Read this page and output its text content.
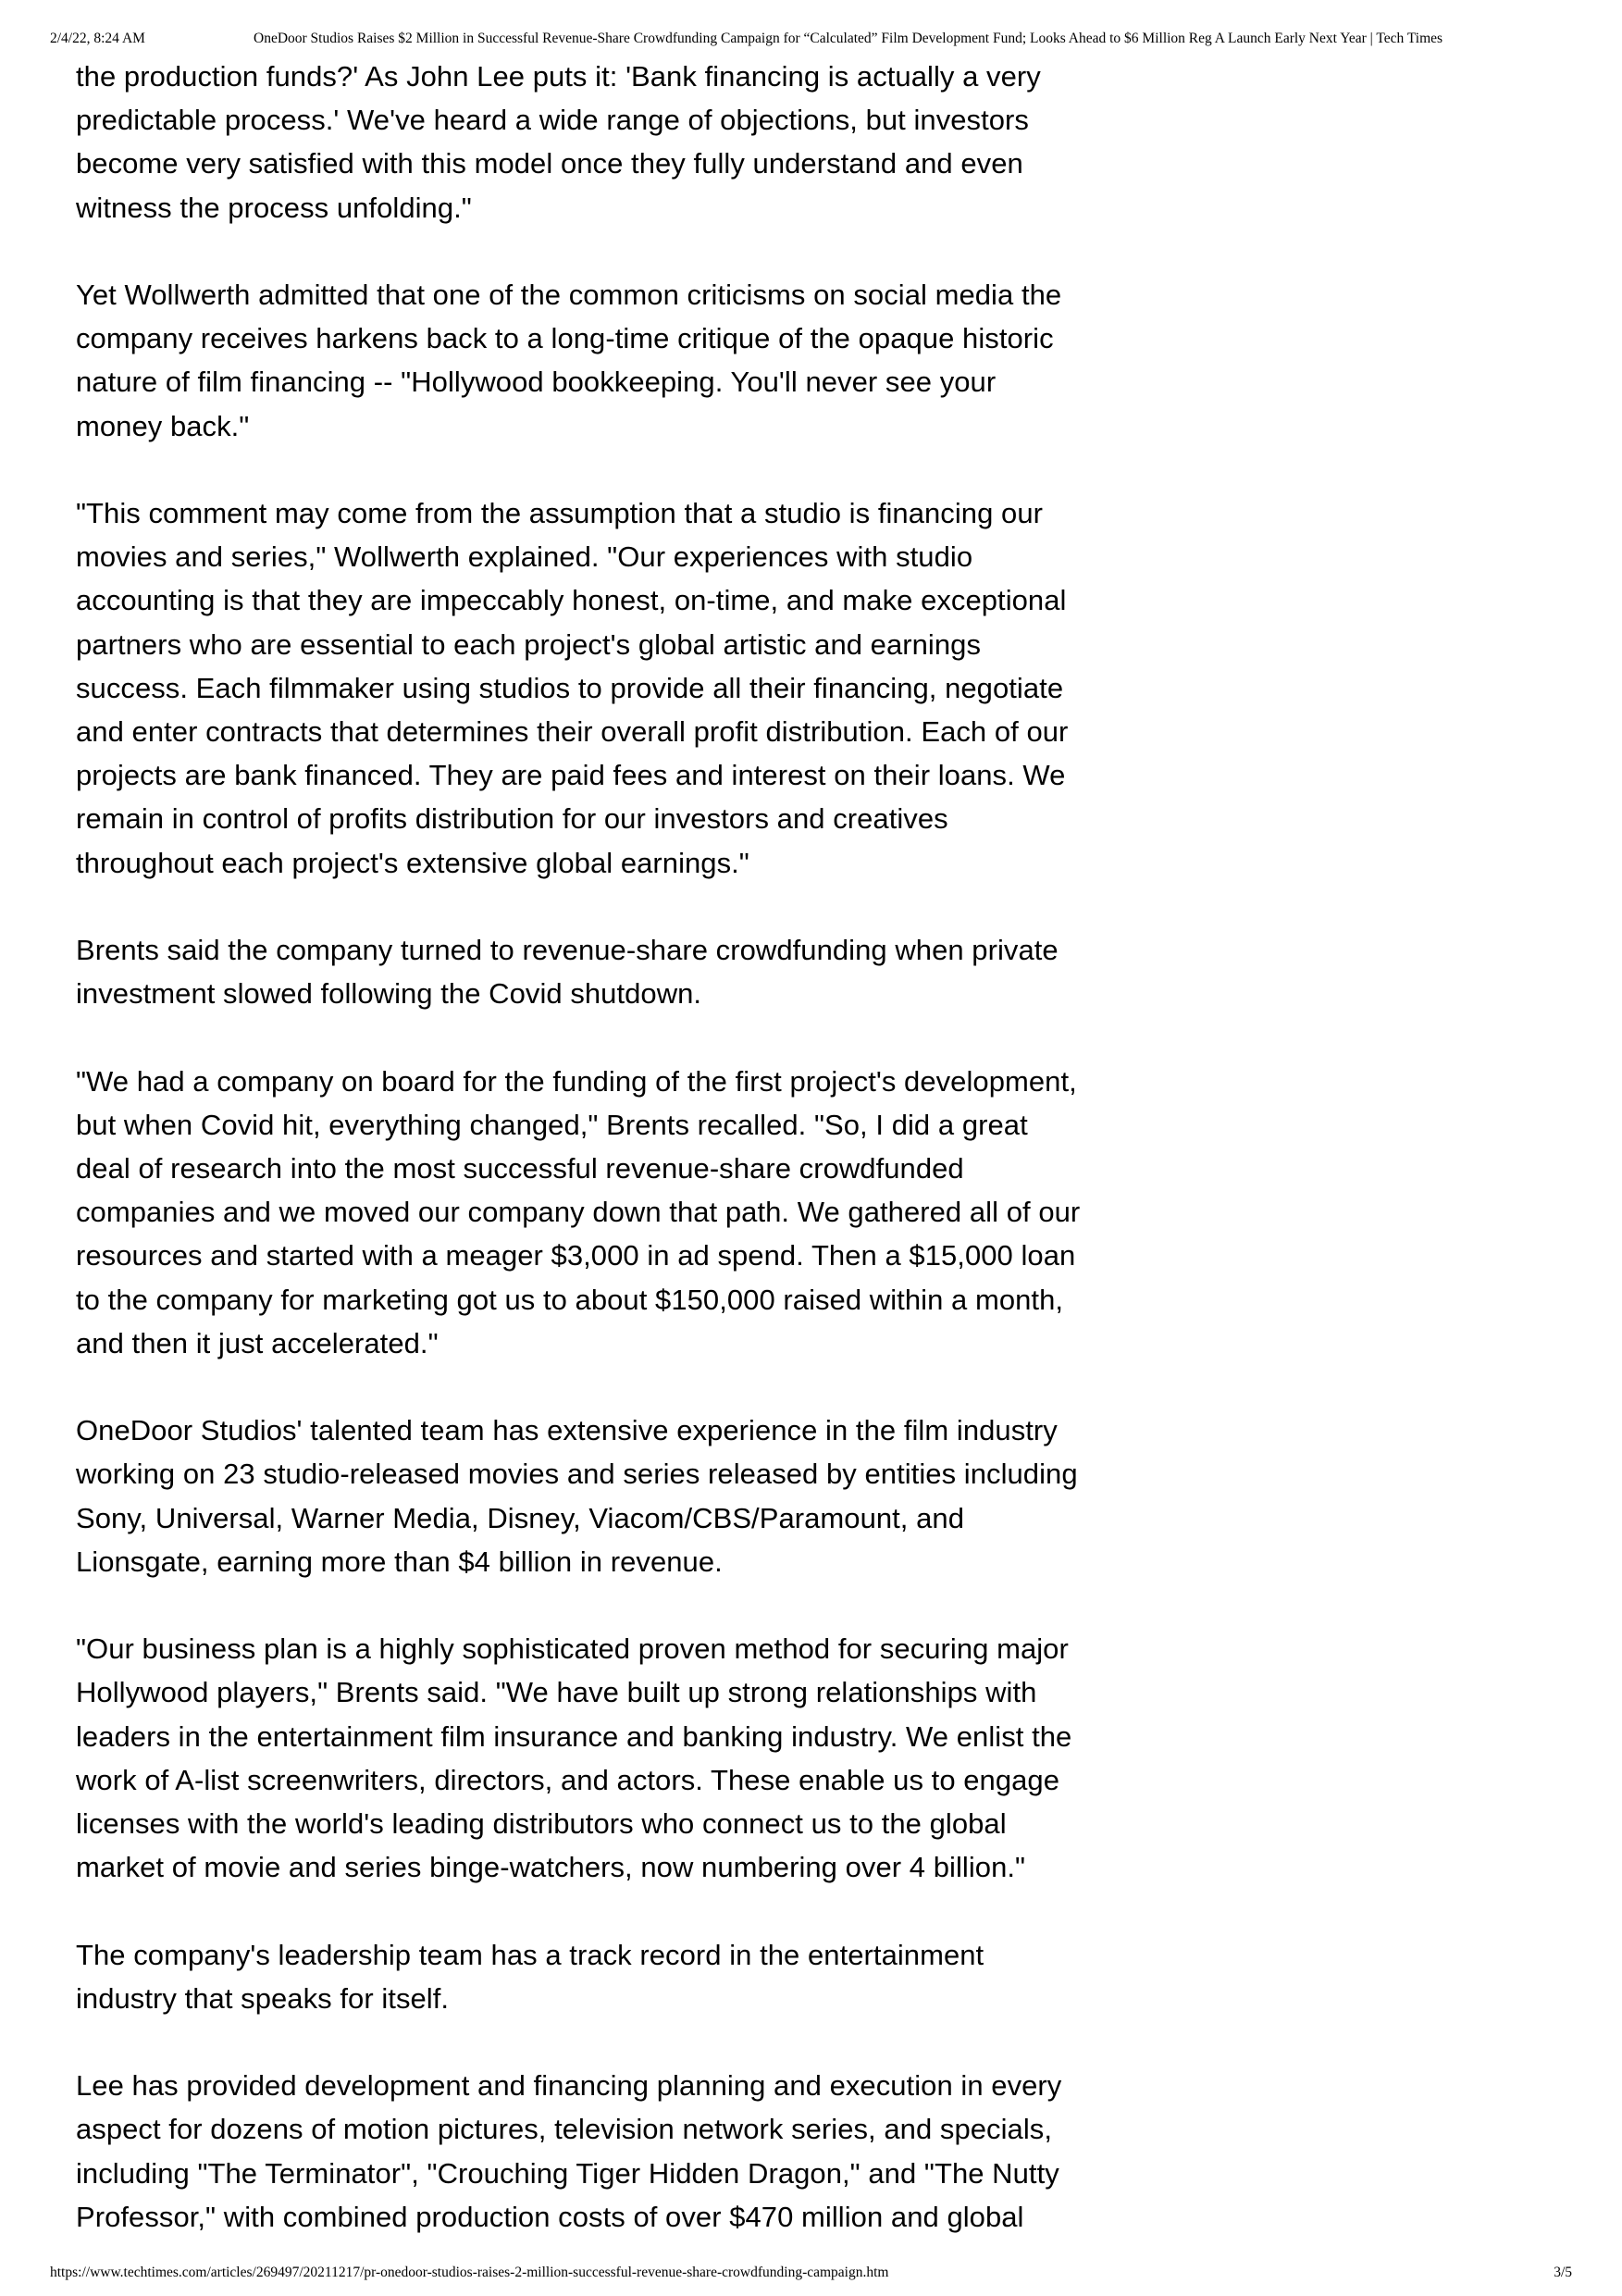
2/4/22, 8:24 AM	OneDoor Studios Raises $2 Million in Successful Revenue-Share Crowdfunding Campaign for “Calculated” Film Development Fund; Looks Ahead to $6 Million Reg A Launch Early Next Year | Tech Times

the production funds?' As John Lee puts it: 'Bank financing is actually a very
predictable process.' We've heard a wide range of objections, but investors
become very satisfied with this model once they fully understand and even
witness the process unfolding."

Yet Wollwerth admitted that one of the common criticisms on social media the
company receives harkens back to a long-time critique of the opaque historic
nature of film financing -- "Hollywood bookkeeping. You'll never see your
money back."

"This comment may come from the assumption that a studio is financing our
movies and series," Wollwerth explained. "Our experiences with studio
accounting is that they are impeccably honest, on-time, and make exceptional
partners who are essential to each project's global artistic and earnings
success. Each filmmaker using studios to provide all their financing, negotiate
and enter contracts that determines their overall profit distribution. Each of our
projects are bank financed. They are paid fees and interest on their loans. We
remain in control of profits distribution for our investors and creatives
throughout each project's extensive global earnings."

Brents said the company turned to revenue-share crowdfunding when private
investment slowed following the Covid shutdown.

"We had a company on board for the funding of the first project's development,
but when Covid hit, everything changed," Brents recalled. "So, I did a great
deal of research into the most successful revenue-share crowdfunded
companies and we moved our company down that path. We gathered all of our
resources and started with a meager $3,000 in ad spend. Then a $15,000 loan
to the company for marketing got us to about $150,000 raised within a month,
and then it just accelerated."

OneDoor Studios' talented team has extensive experience in the film industry
working on 23 studio-released movies and series released by entities including
Sony, Universal, Warner Media, Disney, Viacom/CBS/Paramount, and
Lionsgate, earning more than $4 billion in revenue.

"Our business plan is a highly sophisticated proven method for securing major
Hollywood players," Brents said. "We have built up strong relationships with
leaders in the entertainment film insurance and banking industry. We enlist the
work of A-list screenwriters, directors, and actors. These enable us to engage
licenses with the world's leading distributors who connect us to the global
market of movie and series binge-watchers, now numbering over 4 billion."

The company's leadership team has a track record in the entertainment
industry that speaks for itself.

Lee has provided development and financing planning and execution in every
aspect for dozens of motion pictures, television network series, and specials,
including "The Terminator", "Crouching Tiger Hidden Dragon," and "The Nutty
Professor," with combined production costs of over $470 million and global

https://www.techtimes.com/articles/269497/20211217/pr-onedoor-studios-raises-2-million-successful-revenue-share-crowdfunding-campaign.htm	3/5
